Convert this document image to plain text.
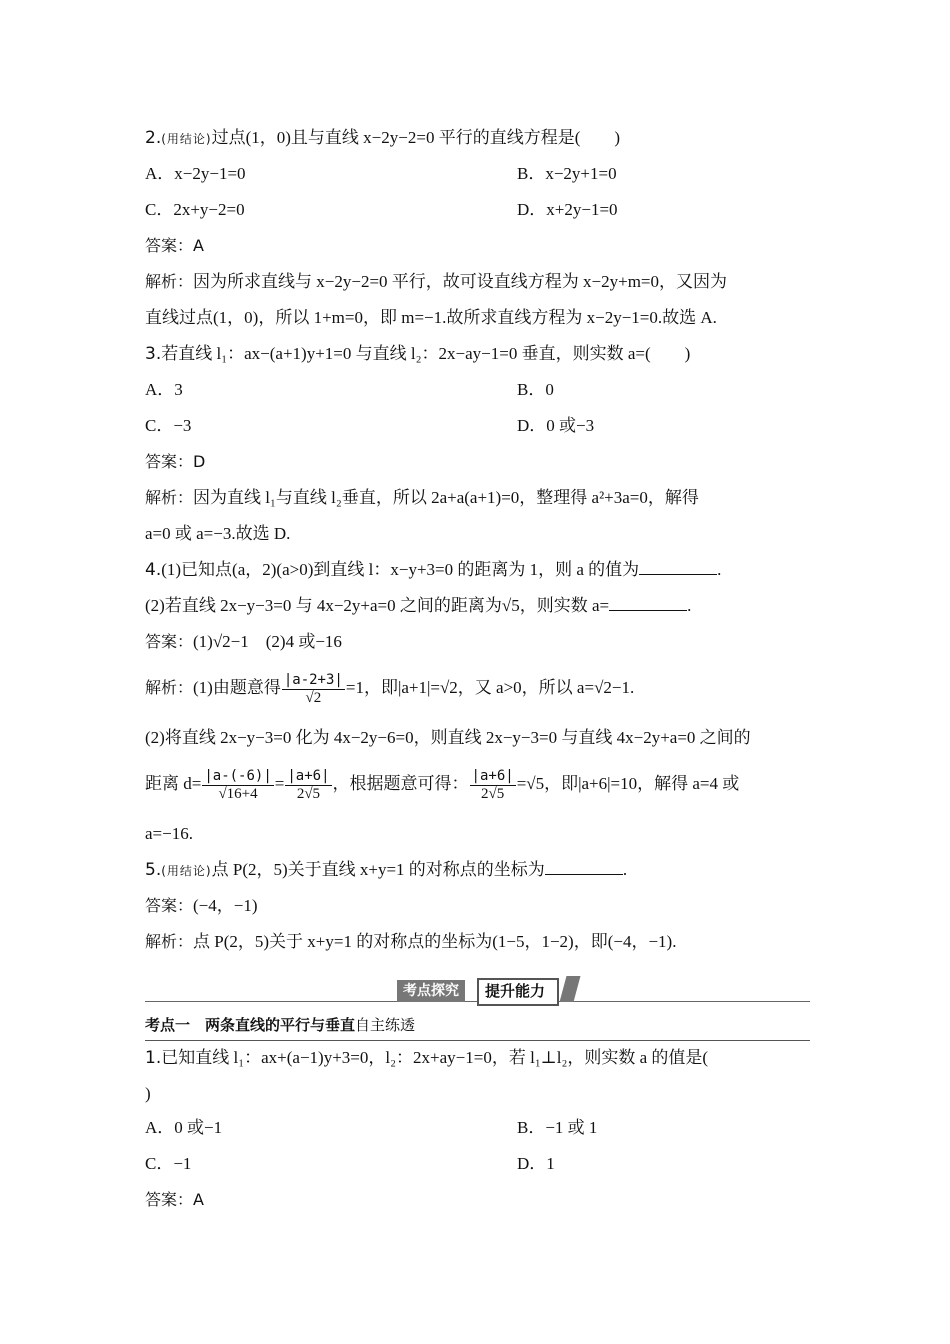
2.(用结论)过点(1，0)且与直线 x−2y−2=0 平行的直线方程是(　　)
A．x−2y−1=0	B．x−2y+1=0
C．2x+y−2=0	D．x+2y−1=0
答案：A
解析：因为所求直线与 x−2y−2=0 平行，故可设直线方程为 x−2y+m=0，又因为
直线过点(1，0)，所以 1+m=0，即 m=−1.故所求直线方程为 x−2y−1=0.故选 A.
3.若直线 l₁：ax−(a+1)y+1=0 与直线 l₂：2x−ay−1=0 垂直，则实数 a=(　　)
A．3	B．0
C．−3	D．0 或−3
答案：D
解析：因为直线 l₁与直线 l₂垂直，所以 2a+a(a+1)=0，整理得 a²+3a=0，解得
a=0 或 a=−3.故选 D.
4.(1)已知点(a，2)(a>0)到直线 l：x−y+3=0 的距离为 1，则 a 的值为	.
(2)若直线 2x−y−3=0 与 4x−2y+a=0 之间的距离为√5，则实数 a=	.
答案：(1)√2−1　(2)4 或−16
解析：(1)由题意得 $\frac{|a-2+3|}{√2} =1$，即|a+1|=√2，又 a>0，所以 a=√2−1.
(2)将直线 2x−y−3=0 化为 4x−2y−6=0，则直线 2x−y−3=0 与直线 4x−2y+a=0 之间的
距离 $d= \frac{|a-(-6)|}{√16+4} = \frac{|a+6|}{2√5}$ ，根据题意可得： $\frac{|a+6|}{2√5} =√5$，即|a+6|=10，解得 a=4 或
a=−16.
5.(用结论)点 P(2，5)关于直线 x+y=1 的对称点的坐标为	.
答案：(−4，−1)
解析：点 P(2，5)关于 x+y=1 的对称点的坐标为(1−5，1−2)，即(−4，−1).
考点探究	提升能力
考点一　两条直线的平行与垂直自主练透
1.已知直线 l₁：ax+(a−1)y+3=0，l₂：2x+ay−1=0，若 l₁⊥l₂，则实数 a 的值是(
)
A．0 或−1	B．−1 或 1
C．−1	D．1
答案：A
